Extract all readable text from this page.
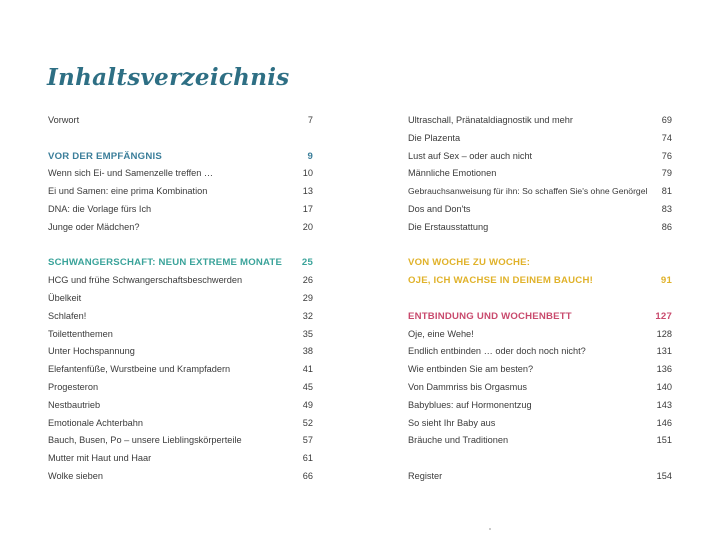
Inhaltsverzeichnis
Vorwort	7
VOR DER EMPFÄNGNIS	9
Wenn sich Ei- und Samenzelle treffen …	10
Ei und Samen: eine prima Kombination	13
DNA: die Vorlage fürs Ich	17
Junge oder Mädchen?	20
SCHWANGERSCHAFT: NEUN EXTREME MONATE 25
HCG und frühe Schwangerschaftsbeschwerden	26
Übelkeit	29
Schlafen!	32
Toilettenthemen	35
Unter Hochspannung	38
Elefantenfüße, Wurstbeine und Krampfadern	41
Progesteron	45
Nestbautrieb	49
Emotionale Achterbahn	52
Bauch, Busen, Po – unsere Lieblingskörperteile	57
Mutter mit Haut und Haar	61
Wolke sieben	66
Ultraschall, Pränataldiagnostik und mehr	69
Die Plazenta	74
Lust auf Sex – oder auch nicht	76
Männliche Emotionen	79
Gebrauchsanweisung für ihn: So schaffen Sie's ohne Genörgel 81
Dos and Don'ts	83
Die Erstausstattung	86
VON WOCHE ZU WOCHE:
OJE, ICH WACHSE IN DEINEM BAUCH!	91
ENTBINDUNG UND WOCHENBETT	127
Oje, eine Wehe!	128
Endlich entbinden … oder doch noch nicht?	131
Wie entbinden Sie am besten?	136
Von Dammriss bis Orgasmus	140
Babyblues: auf Hormonentzug	143
So sieht Ihr Baby aus	146
Bräuche und Traditionen	151
Register	154
